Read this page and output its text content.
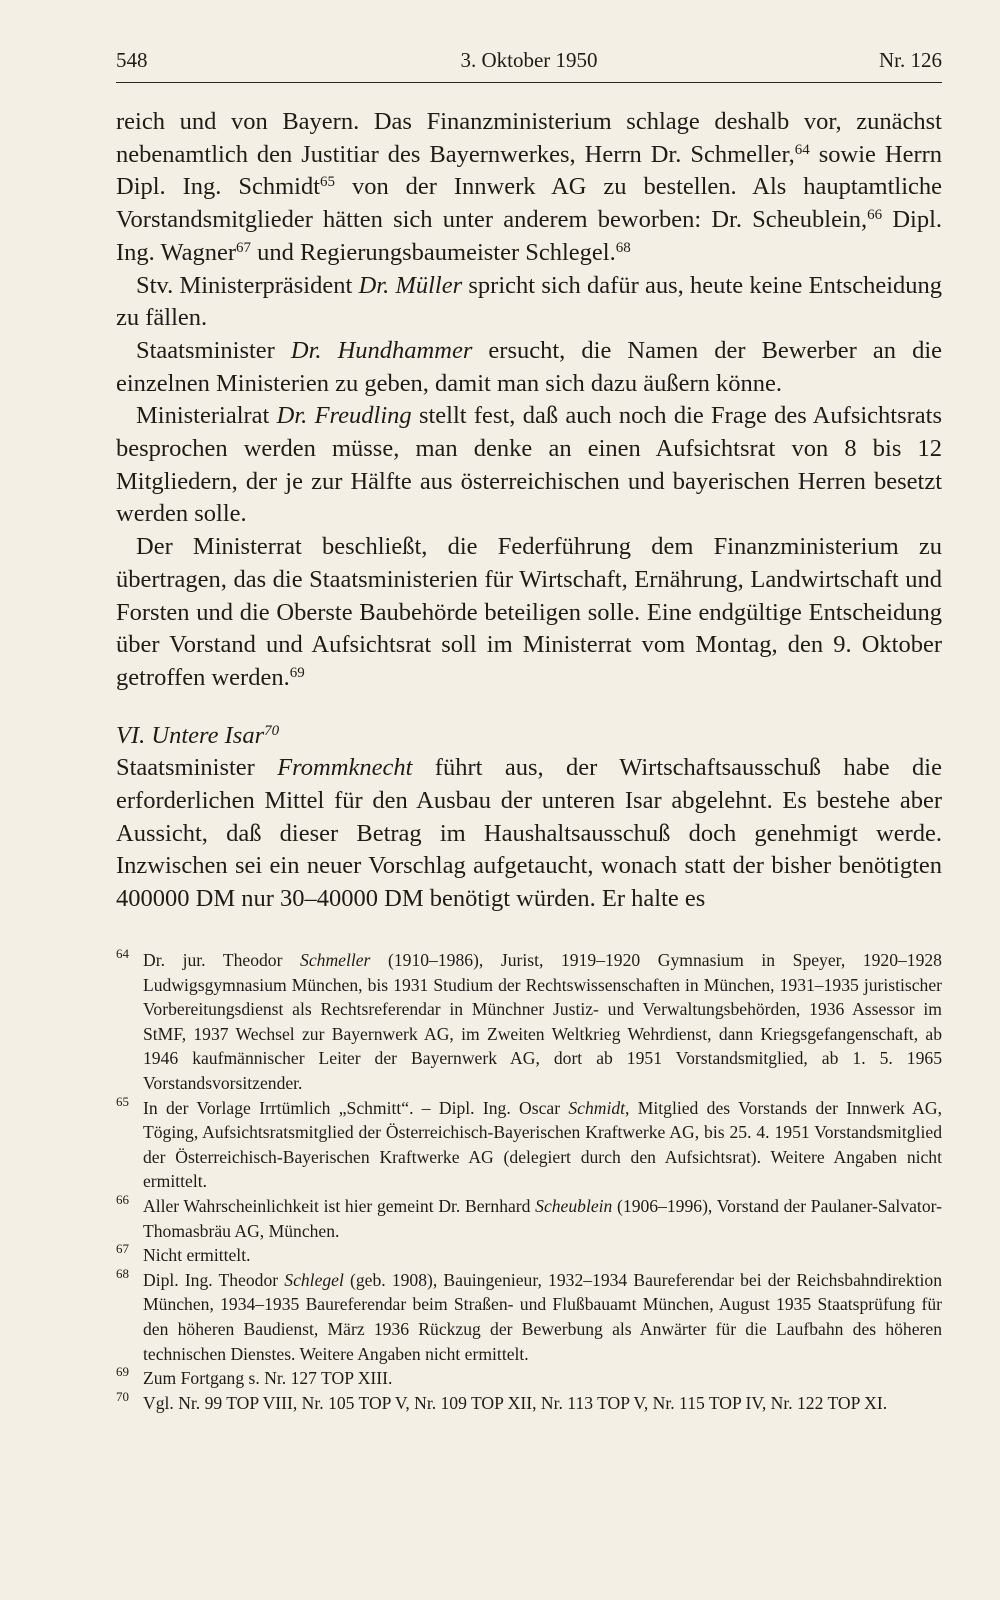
548	3. Oktober 1950	Nr. 126

reich und von Bayern. Das Finanzministerium schlage deshalb vor, zunächst nebenamtlich den Justitiar des Bayernwerkes, Herrn Dr. Schmeller,$^{64}$ sowie Herrn Dipl. Ing. Schmidt$^{65}$ von der Innwerk AG zu bestellen. Als hauptamtliche Vorstandsmitglieder hätten sich unter anderem beworben: Dr. Scheublein,$^{66}$ Dipl. Ing. Wagner$^{67}$ und Regierungsbaumeister Schlegel.$^{68}$

Stv. Ministerpräsident Dr. Müller spricht sich dafür aus, heute keine Entscheidung zu fällen.

Staatsminister Dr. Hundhammer ersucht, die Namen der Bewerber an die einzelnen Ministerien zu geben, damit man sich dazu äußern könne.

Ministerialrat Dr. Freudling stellt fest, daß auch noch die Frage des Aufsichtsrats besprochen werden müsse, man denke an einen Aufsichtsrat von 8 bis 12 Mitgliedern, der je zur Hälfte aus österreichischen und bayerischen Herren besetzt werden solle.

Der Ministerrat beschließt, die Federführung dem Finanzministerium zu übertragen, das die Staatsministerien für Wirtschaft, Ernährung, Landwirtschaft und Forsten und die Oberste Baubehörde beteiligen solle. Eine endgültige Entscheidung über Vorstand und Aufsichtsrat soll im Ministerrat vom Montag, den 9. Oktober getroffen werden.$^{69}$

VI. Untere Isar$^{70}$

Staatsminister Frommknecht führt aus, der Wirtschaftsausschuß habe die erforderlichen Mittel für den Ausbau der unteren Isar abgelehnt. Es bestehe aber Aussicht, daß dieser Betrag im Haushaltsausschuß doch genehmigt werde. Inzwischen sei ein neuer Vorschlag aufgetaucht, wonach statt der bisher benötigten 400000 DM nur 30–40000 DM benötigt würden. Er halte es

64 Dr. jur. Theodor Schmeller (1910–1986), Jurist, 1919–1920 Gymnasium in Speyer, 1920–1928 Ludwigsgymnasium München, bis 1931 Studium der Rechtswissenschaften in München, 1931–1935 juristischer Vorbereitungsdienst als Rechtsreferendar in Münchner Justiz- und Verwaltungsbehörden, 1936 Assessor im StMF, 1937 Wechsel zur Bayernwerk AG, im Zweiten Weltkrieg Wehrdienst, dann Kriegsgefangenschaft, ab 1946 kaufmännischer Leiter der Bayernwerk AG, dort ab 1951 Vorstandsmitglied, ab 1. 5. 1965 Vorstandsvorsitzender.
65 In der Vorlage Irrtümlich „Schmitt“. – Dipl. Ing. Oscar Schmidt, Mitglied des Vorstands der Innwerk AG, Töging, Aufsichtsratsmitglied der Österreichisch-Bayerischen Kraftwerke AG, bis 25. 4. 1951 Vorstandsmitglied der Österreichisch-Bayerischen Kraftwerke AG (delegiert durch den Aufsichtsrat). Weitere Angaben nicht ermittelt.
66 Aller Wahrscheinlichkeit ist hier gemeint Dr. Bernhard Scheublein (1906–1996), Vorstand der Paulaner-Salvator-Thomasbräu AG, München.
67 Nicht ermittelt.
68 Dipl. Ing. Theodor Schlegel (geb. 1908), Bauingenieur, 1932–1934 Baureferendar bei der Reichsbahndirektion München, 1934–1935 Baureferendar beim Straßen- und Flußbauamt München, August 1935 Staatsprüfung für den höheren Baudienst, März 1936 Rückzug der Bewerbung als Anwärter für die Laufbahn des höheren technischen Dienstes. Weitere Angaben nicht ermittelt.
69 Zum Fortgang s. Nr. 127 TOP XIII.
70 Vgl. Nr. 99 TOP VIII, Nr. 105 TOP V, Nr. 109 TOP XII, Nr. 113 TOP V, Nr. 115 TOP IV, Nr. 122 TOP XI.
